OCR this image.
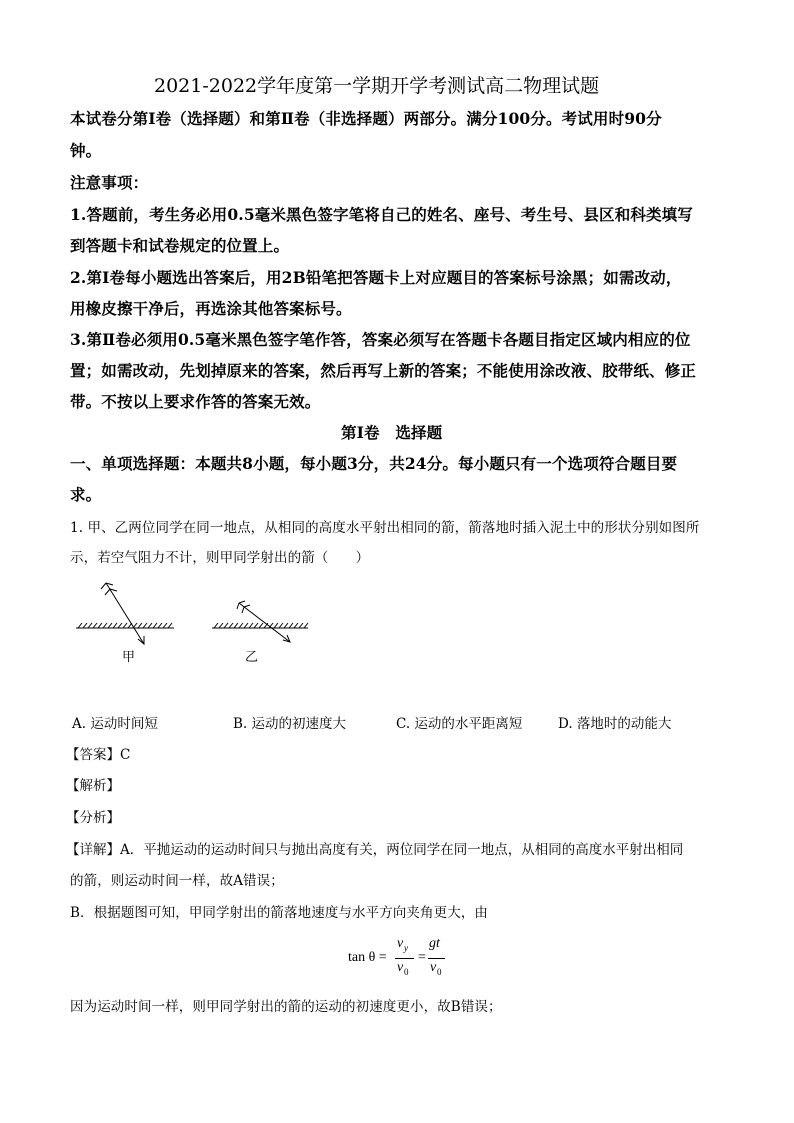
2021-2022学年度第一学期开学考测试高二物理试题
本试卷分第Ⅰ卷（选择题）和第Ⅱ卷（非选择题）两部分。满分100分。考试用时90分
钟。
注意事项：
1.答题前，考生务必用0.5毫米黑色签字笔将自己的姓名、座号、考生号、县区和科类填写
到答题卡和试卷规定的位置上。
2.第Ⅰ卷每小题选出答案后，用2B铅笔把答题卡上对应题目的答案标号涂黑；如需改动，
用橡皮擦干净后，再选涂其他答案标号。
3.第Ⅱ卷必须用0.5毫米黑色签字笔作答，答案必须写在答题卡各题目指定区域内相应的位
置；如需改动，先划掉原来的答案，然后再写上新的答案；不能使用涂改液、胶带纸、修正
带。不按以上要求作答的答案无效。
第Ⅰ卷　选择题
一、单项选择题：本题共8小题，每小题3分，共24分。每小题只有一个选项符合题目要
求。
1. 甲、乙两位同学在同一地点，从相同的高度水平射出相同的箭，箭落地时插入泥土中的形状分别如图所
示，若空气阻力不计，则甲同学射出的箭（　　）
甲	乙
A. 运动时间短	B. 运动的初速度大	C. 运动的水平距离短	D. 落地时的动能大
【答案】C
【解析】
【分析】
【详解】A．平抛运动的运动时间只与抛出高度有关，两位同学在同一地点，从相同的高度水平射出相同
的箭，则运动时间一样，故A错误；
B．根据题图可知，甲同学射出的箭落地速度与水平方向夹角更大，由
tan θ =
v y
v 0
=
gt
v 0
因为运动时间一样，则甲同学射出的箭的运动的初速度更小，故B错误；
